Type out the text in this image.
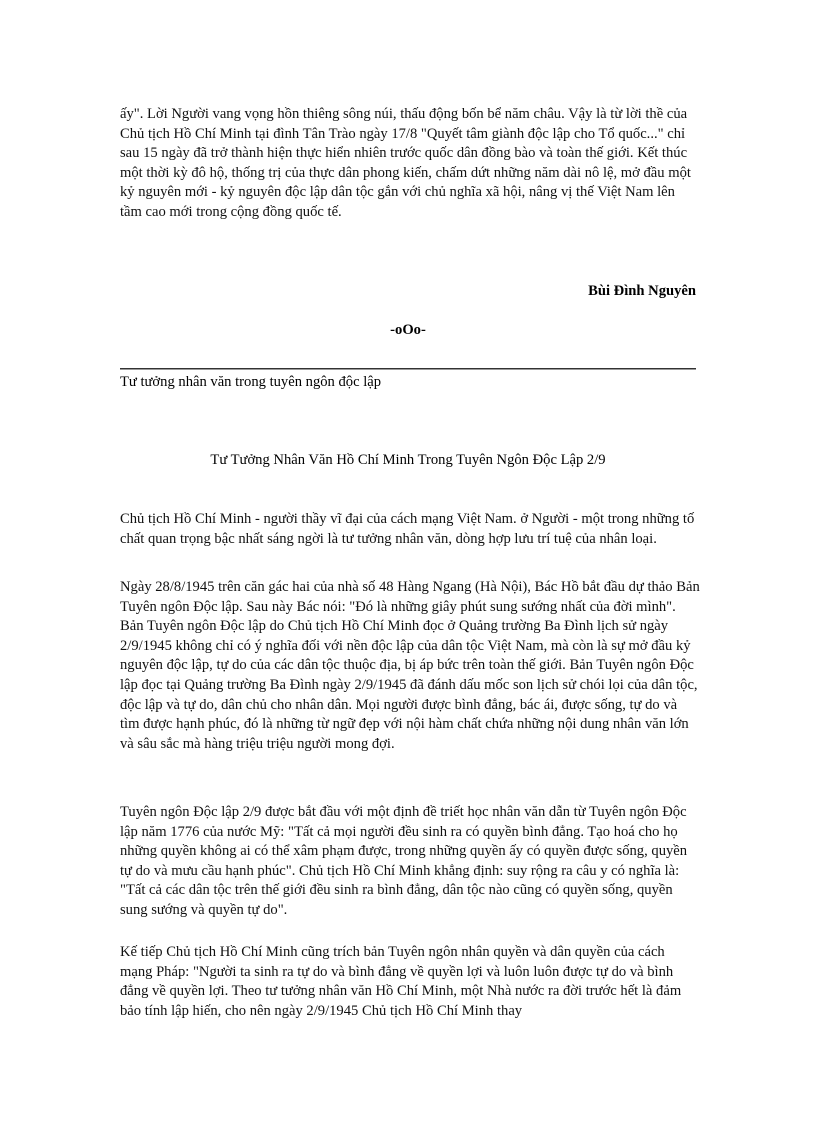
ấy". Lời Người vang vọng hồn thiêng sông núi, thấu động bốn bể năm châu. Vậy là từ lời thề của Chủ tịch Hồ Chí Minh tại đình Tân Trào ngày 17/8 "Quyết tâm giành độc lập cho Tổ quốc..." chỉ sau 15 ngày đã trở thành hiện thực hiển nhiên trước quốc dân đồng bào và toàn thế giới. Kết thúc một thời kỳ đô hộ, thống trị của thực dân phong kiến, chấm dứt những năm dài nô lệ, mở đầu một kỷ nguyên mới - kỷ nguyên độc lập dân tộc gắn với chủ nghĩa xã hội, nâng vị thế Việt Nam lên tầm cao mới trong cộng đồng quốc tế.

Bùi Đình Nguyên
-oOo-
Tư tưởng nhân văn trong tuyên ngôn độc lập
Tư Tưởng Nhân Văn Hồ Chí Minh Trong Tuyên Ngôn Độc Lập 2/9

Chủ tịch Hồ Chí Minh - người thầy vĩ đại của cách mạng Việt Nam. ở Người - một trong những tố chất quan trọng bậc nhất sáng ngời là tư tưởng nhân văn, dòng hợp lưu trí tuệ của nhân loại.

Ngày 28/8/1945 trên căn gác hai của nhà số 48 Hàng Ngang (Hà Nội), Bác Hồ bắt đầu dự thảo Bản Tuyên ngôn Độc lập. Sau này Bác nói: "Đó là những giây phút sung sướng nhất của đời mình". Bản Tuyên ngôn Độc lập do Chủ tịch Hồ Chí Minh đọc ở Quảng trường Ba Đình lịch sử ngày 2/9/1945 không chỉ có ý nghĩa đối với nền độc lập của dân tộc Việt Nam, mà còn là sự mở đầu kỷ nguyên độc lập, tự do của các dân tộc thuộc địa, bị áp bức trên toàn thế giới. Bản Tuyên ngôn Độc lập đọc tại Quảng trường Ba Đình ngày 2/9/1945 đã đánh dấu mốc son lịch sử chói lọi của dân tộc, độc lập và tự do, dân chủ cho nhân dân. Mọi người được bình đẳng, bác ái, được sống, tự do và tìm được hạnh phúc, đó là những từ ngữ đẹp với nội hàm chất chứa những nội dung nhân văn lớn và sâu sắc mà hàng triệu triệu người mong đợi.

Tuyên ngôn Độc lập 2/9 được bắt đầu với một định đề triết học nhân văn dẫn từ Tuyên ngôn Độc lập năm 1776 của nước Mỹ: "Tất cả mọi người đều sinh ra có quyền bình đẳng. Tạo hoá cho họ những quyền không ai có thể xâm phạm được, trong những quyền ấy có quyền được sống, quyền tự do và mưu cầu hạnh phúc". Chủ tịch Hồ Chí Minh khẳng định: suy rộng ra câu y có nghĩa là: "Tất cả các dân tộc trên thế giới đều sinh ra bình đẳng, dân tộc nào cũng có quyền sống, quyền sung sướng và quyền tự do".

Kế tiếp Chủ tịch Hồ Chí Minh cũng trích bản Tuyên ngôn nhân quyền và dân quyền của cách mạng Pháp: "Người ta sinh ra tự do và bình đẳng về quyền lợi và luôn luôn được tự do và bình đẳng về quyền lợi. Theo tư tưởng nhân văn Hồ Chí Minh, một Nhà nước ra đời trước hết là đảm bảo tính lập hiến, cho nên ngày 2/9/1945 Chủ tịch Hồ Chí Minh thay
